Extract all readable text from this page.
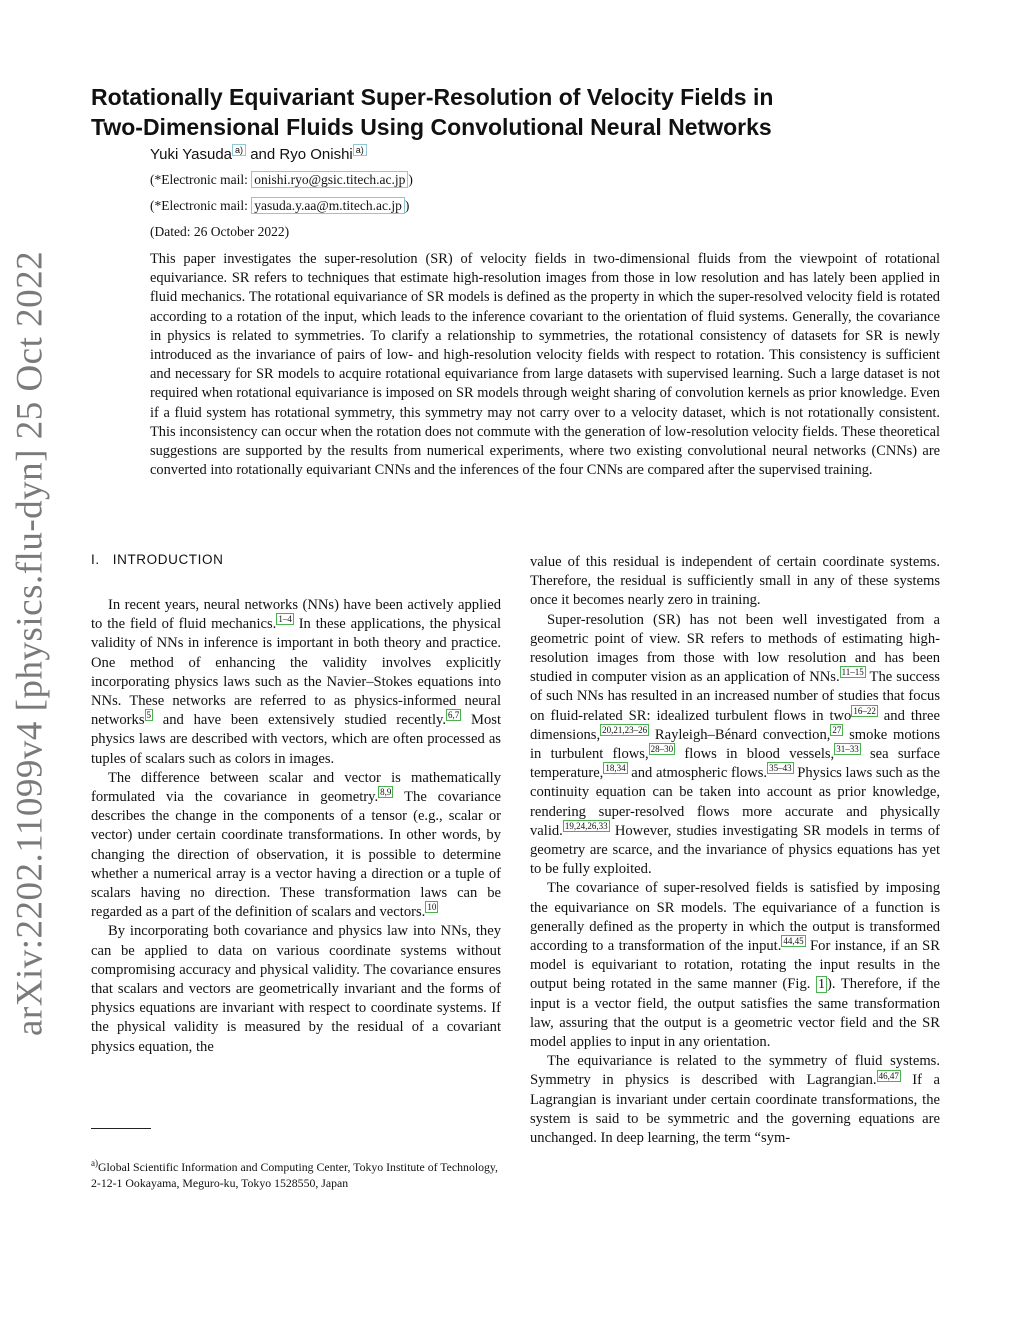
arXiv:2202.11099v4 [physics.flu-dyn] 25 Oct 2022
Rotationally Equivariant Super-Resolution of Velocity Fields in
Two-Dimensional Fluids Using Convolutional Neural Networks
Yuki Yasuda $^{a)}$ and Ryo Onishi $^{a)}$
(*Electronic mail: onishi.ryo@gsic.titech.ac.jp )
(*Electronic mail: yasuda.y.aa@m.titech.ac.jp )
(Dated: 26 October 2022)
This paper investigates the super-resolution (SR) of velocity fields in two-dimensional fluids from the viewpoint of rotational equivariance. SR refers to techniques that estimate high-resolution images from those in low resolution and has lately been applied in fluid mechanics. The rotational equivariance of SR models is defined as the property in which the super-resolved velocity field is rotated according to a rotation of the input, which leads to the inference covariant to the orientation of fluid systems. Generally, the covariance in physics is related to symmetries. To clarify a relationship to symmetries, the rotational consistency of datasets for SR is newly introduced as the invariance of pairs of low- and high-resolution velocity fields with respect to rotation. This consistency is sufficient and necessary for SR models to acquire rotational equivariance from large datasets with supervised learning. Such a large dataset is not required when rotational equivariance is imposed on SR models through weight sharing of convolution kernels as prior knowledge. Even if a fluid system has rotational symmetry, this symmetry may not carry over to a velocity dataset, which is not rotationally consistent. This inconsistency can occur when the rotation does not commute with the generation of low-resolution velocity fields. These theoretical suggestions are supported by the results from numerical experiments, where two existing convolutional neural networks (CNNs) are converted into rotationally equivariant CNNs and the inferences of the four CNNs are compared after the supervised training.
I. INTRODUCTION

In recent years, neural networks (NNs) have been actively applied to the field of fluid mechanics. $^{1-4}$ In these applications, the physical validity of NNs in inference is important in both theory and practice. One method of enhancing the validity involves explicitly incorporating physics laws such as the Navier–Stokes equations into NNs. These networks are referred to as physics-informed neural networks $^5$ and have been extensively studied recently. $^{6,7}$ Most physics laws are described with vectors, which are often processed as tuples of scalars such as colors in images.

The difference between scalar and vector is mathematically formulated via the covariance in geometry. $^{8,9}$ The covariance describes the change in the components of a tensor (e.g., scalar or vector) under certain coordinate transformations. In other words, by changing the direction of observation, it is possible to determine whether a numerical array is a vector having a direction or a tuple of scalars having no direction. These transformation laws can be regarded as a part of the definition of scalars and vectors. $^{10}$

By incorporating both covariance and physics law into NNs, they can be applied to data on various coordinate systems without compromising accuracy and physical validity. The covariance ensures that scalars and vectors are geometrically invariant and the forms of physics equations are invariant with respect to coordinate systems. If the physical validity is measured by the residual of a covariant physics equation, the

value of this residual is independent of certain coordinate systems. Therefore, the residual is sufficiently small in any of these systems once it becomes nearly zero in training.

Super-resolution (SR) has not been well investigated from a geometric point of view. SR refers to methods of estimating high-resolution images from those with low resolution and has been studied in computer vision as an application of NNs. $^{11-15}$ The success of such NNs has resulted in an increased number of studies that focus on fluid-related SR: idealized turbulent flows in two $^{16-22}$ and three dimensions, $^{20,21,23-26}$ Rayleigh–Bénard convection, $^{27}$ smoke motions in turbulent flows, $^{28-30}$ flows in blood vessels, $^{31-33}$ sea surface temperature, $^{18,34}$ and atmospheric flows. $^{35-43}$ Physics laws such as the continuity equation can be taken into account as prior knowledge, rendering super-resolved flows more accurate and physically valid. $^{19,24,26,33}$ However, studies investigating SR models in terms of geometry are scarce, and the invariance of physics equations has yet to be fully exploited.

The covariance of super-resolved fields is satisfied by imposing the equivariance on SR models. The equivariance of a function is generally defined as the property in which the output is transformed according to a transformation of the input. $^{44,45}$ For instance, if an SR model is equivariant to rotation, rotating the input results in the output being rotated in the same manner (Fig. 1 ). Therefore, if the input is a vector field, the output satisfies the same transformation law, assuring that the output is a geometric vector field and the SR model applies to input in any orientation.

The equivariance is related to the symmetry of fluid systems. Symmetry in physics is described with Lagrangian. $^{46,47}$ If a Lagrangian is invariant under certain coordinate transformations, the system is said to be symmetric and the governing equations are unchanged. In deep learning, the term “sym-

$^{a)}$Global Scientific Information and Computing Center, Tokyo Institute of Technology,
2-12-1 Ookayama, Meguro-ku, Tokyo 1528550, Japan
